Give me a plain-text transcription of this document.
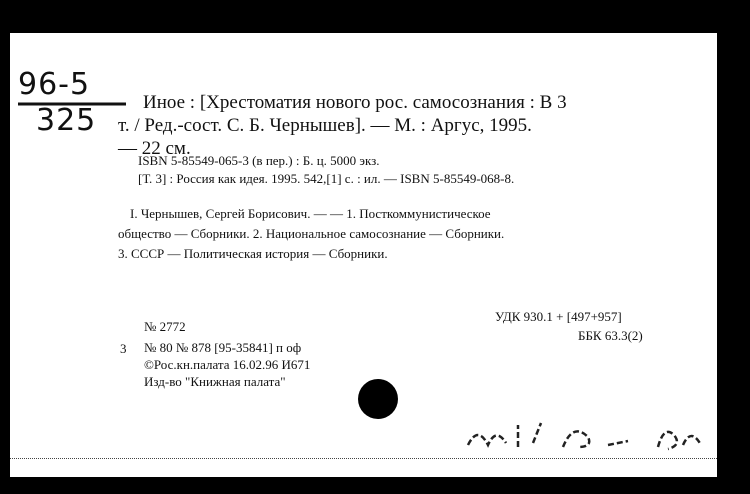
96-5
325
Иное : [Хрестоматия нового рос. самосознания : В 3
т. / Ред.-сост. С. Б. Чернышев]. — М. : Аргус, 1995.
— 22 см.
ISBN 5-85549-065-3 (в пер.) : Б. ц. 5000 экз.
[Т. 3] : Россия как идея. 1995. 542,[1] с. : ил. — ISBN 5-85549-068-8.
I. Чернышев, Сергей Борисович. — — 1. Посткоммунистическое
общество — Сборники. 2. Национальное самосознание — Сборники.
3. СССР — Политическая история — Сборники.
УДК 930.1 + [497+957]
ББК 63.3(2)
№ 2772
3 № 80 № 878 [95-35841] п оф
©Рос.кн.палата 16.02.96 И671
Изд-во "Книжная палата"
